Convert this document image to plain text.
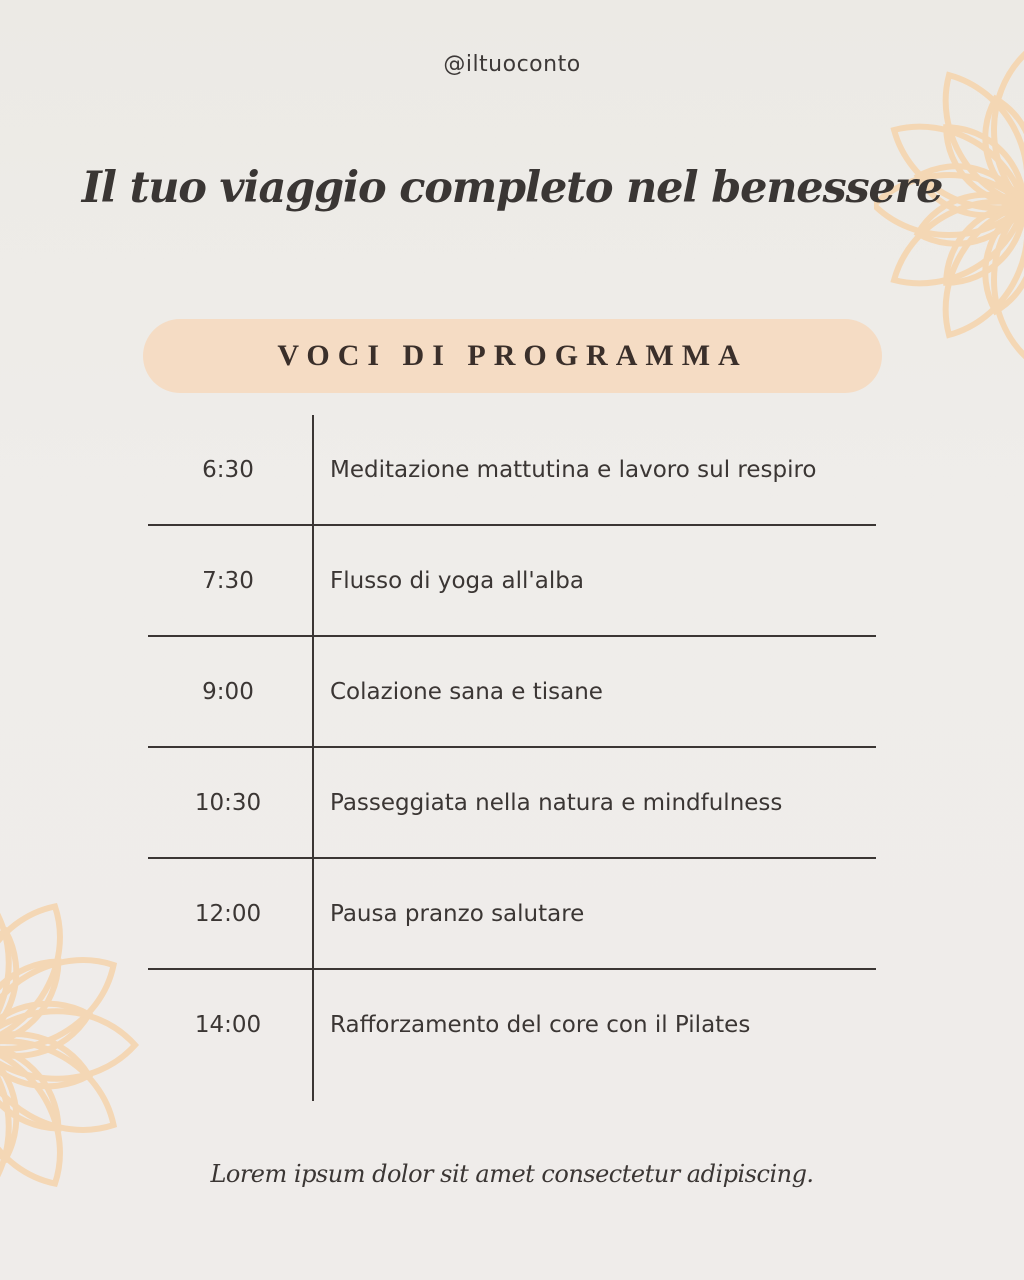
@iltuoconto
Il tuo viaggio completo nel benessere
VOCI DI PROGRAMMA
6:30	Meditazione mattutina e lavoro sul respiro
7:30	Flusso di yoga all'alba
9:00	Colazione sana e tisane
10:30	Passeggiata nella natura e mindfulness
12:00	Pausa pranzo salutare
14:00	Rafforzamento del core con il Pilates
Lorem ipsum dolor sit amet consectetur adipiscing.
